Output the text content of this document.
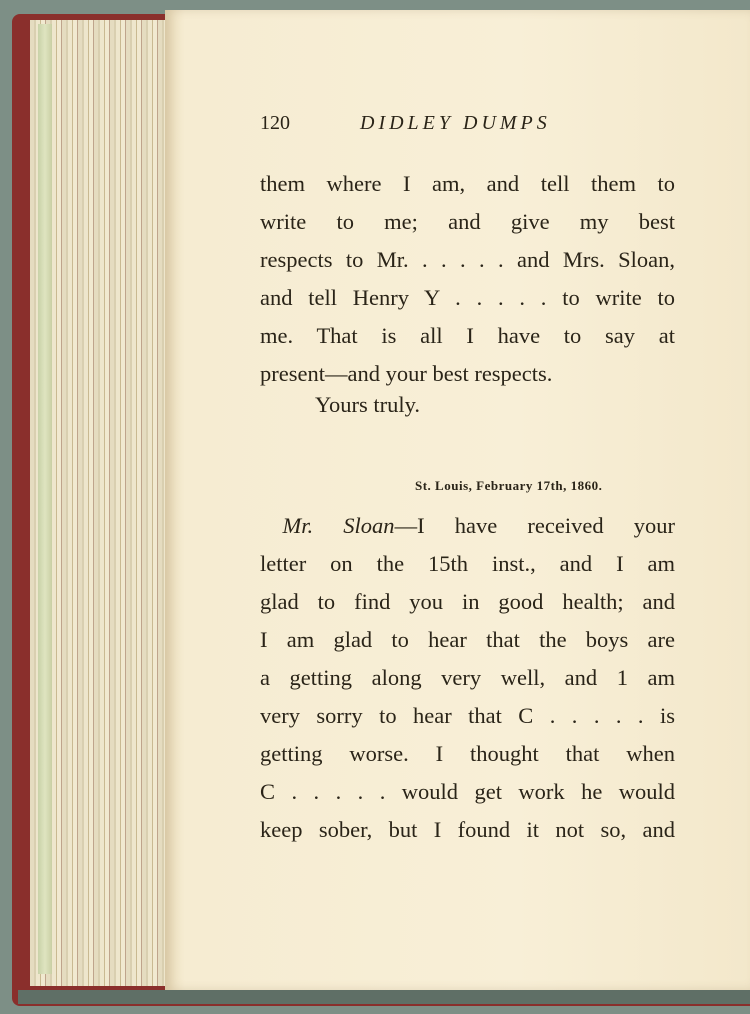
120	DIDLEY DUMPS
them where I am, and tell them to
write to me; and give my best
respects to Mr. . . . . . and Mrs. Sloan,
and tell Henry Y . . . . . to write to
me. That is all I have to say at
present—and your best respects.
Yours truly.
St. Louis, February 17th, 1860.
 Mr. Sloan—I have received your
letter on the 15th inst., and I am
glad to find you in good health; and
I am glad to hear that the boys are
a getting along very well, and 1 am
very sorry to hear that C . . . . . is
getting worse. I thought that when
C . . . . . would get work he would
keep sober, but I found it not so, and
